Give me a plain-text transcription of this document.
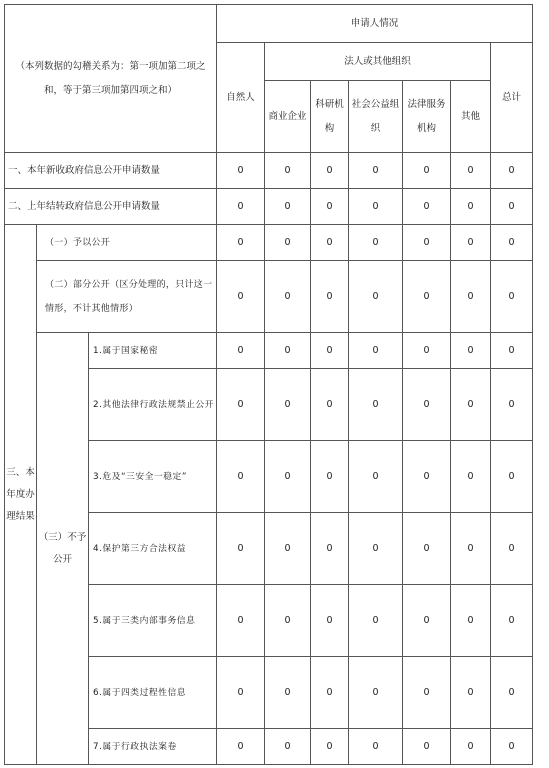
（本列数据的勾稽关系为：第一项加第二项之和，等于第三项加第四项之和）			申请人情况						
			自然人	法人或其他组织					总计
				商业企业	科研机构	社会公益组织	法律服务机构	其他	
一、本年新收政府信息公开申请数量			0	0	0	0	0	0	0
二、上年结转政府信息公开申请数量			0	0	0	0	0	0	0
三、本年度办理结果	（一）予以公开		0	0	0	0	0	0	0
	（二）部分公开（区分处理的，只计这一情形，不计其他情形）		0	0	0	0	0	0	0
	（三）不予公开	1.属于国家秘密	0	0	0	0	0	0	0
		2.其他法律行政法规禁止公开	0	0	0	0	0	0	0
		3.危及“三安全一稳定”	0	0	0	0	0	0	0
		4.保护第三方合法权益	0	0	0	0	0	0	0
		5.属于三类内部事务信息	0	0	0	0	0	0	0
		6.属于四类过程性信息	0	0	0	0	0	0	0
		7.属于行政执法案卷	0	0	0	0	0	0	0
